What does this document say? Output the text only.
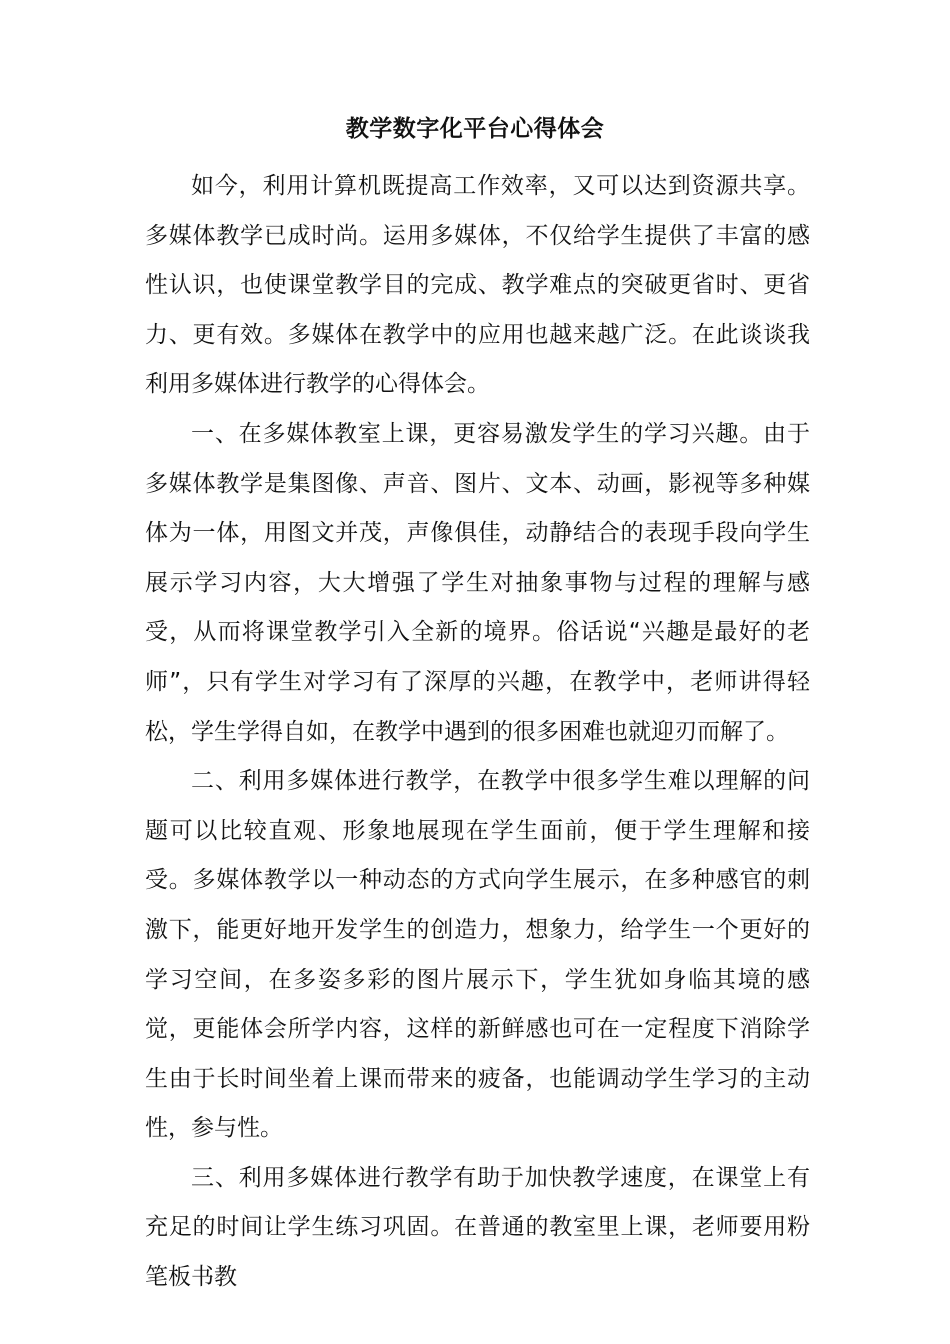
教学数字化平台心得体会

如今，利用计算机既提高工作效率，又可以达到资源共享。多媒体教学已成时尚。运用多媒体，不仅给学生提供了丰富的感性认识，也使课堂教学目的完成、教学难点的突破更省时、更省力、更有效。多媒体在教学中的应用也越来越广泛。在此谈谈我利用多媒体进行教学的心得体会。

一、在多媒体教室上课，更容易激发学生的学习兴趣。由于多媒体教学是集图像、声音、图片、文本、动画，影视等多种媒体为一体，用图文并茂，声像俱佳，动静结合的表现手段向学生展示学习内容，大大增强了学生对抽象事物与过程的理解与感受，从而将课堂教学引入全新的境界。俗话说“兴趣是最好的老师”，只有学生对学习有了深厚的兴趣，在教学中，老师讲得轻松，学生学得自如，在教学中遇到的很多困难也就迎刃而解了。

二、利用多媒体进行教学，在教学中很多学生难以理解的问题可以比较直观、形象地展现在学生面前，便于学生理解和接受。多媒体教学以一种动态的方式向学生展示，在多种感官的刺激下，能更好地开发学生的创造力，想象力，给学生一个更好的学习空间，在多姿多彩的图片展示下，学生犹如身临其境的感觉，更能体会所学内容，这样的新鲜感也可在一定程度下消除学生由于长时间坐着上课而带来的疲备，也能调动学生学习的主动性，参与性。

三、利用多媒体进行教学有助于加快教学速度，在课堂上有充足的时间让学生练习巩固。在普通的教室里上课，老师要用粉笔板书教
